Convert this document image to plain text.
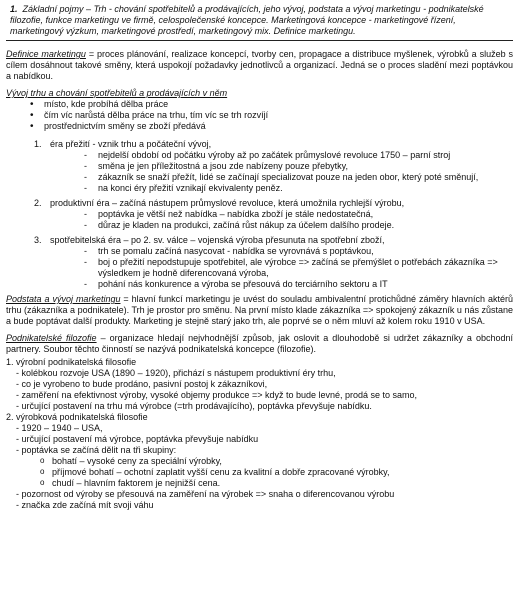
1. Základní pojmy – Trh - chování spotřebitelů a prodávajících, jeho vývoj, podstata a vývoj marketingu - podnikatelské filozofie, funkce marketingu ve firmě, celospolečenské koncepce. Marketingová koncepce - marketingové řízení, marketingový výzkum, marketingové prostředí, marketingový mix. Definice marketingu.

Definice marketingu = proces plánování, realizace koncepcí, tvorby cen, propagace a distribuce myšlenek, výrobků a služeb s cílem dosáhnout takové směny, která uspokojí požadavky jednotlivců a organizací. Jedná se o proces sladění mezi poptávkou a nabídkou.

Vývoj trhu a chování spotřebitelů a prodávajících v něm
• místo, kde probíhá dělba práce
• čím víc narůstá dělba práce na trhu, tím víc se trh rozvíjí
• prostřednictvím směny se zboží předává
1. éra přežití - vznik trhu a počáteční vývoj,
- nejdelší období od počátku výroby až po začátek průmyslové revoluce 1750 – parní stroj
- směna je jen příležitostná a jsou zde nabízeny pouze přebytky,
- zákazník se snaží přežít, lidé se začínají specializovat pouze na jeden obor, který poté směnují,
- na konci éry přežití vznikají ekvivalenty peněz.
2. produktivní éra – začíná nástupem průmyslové revoluce, která umožnila rychlejší výrobu,
- poptávka je větší než nabídka – nabídka zboží je stále nedostatečná,
- důraz je kladen na produkci, začíná růst nákup za účelem dalšího prodeje.
3. spotřebitelská éra – po 2. sv. válce – vojenská výroba přesunuta na spotřební zboží,
- trh se pomalu začíná nasycovat - nabídka se vyrovnává s poptávkou,
- boj o přežití nepodstupuje spotřebitel, ale výrobce => začíná se přemýšlet o potřebách zákazníka => výsledkem je hodně diferencovaná výroba,
- pohání nás konkurence a výroba se přesouvá do terciárního sektoru a IT

Podstata a vývoj marketingu = hlavní funkcí marketingu je uvést do souladu ambivalentní protichůdné záměry hlavních aktérů trhu (zákazníka a podnikatele). Trh je prostor pro směnu. Na první místo klade zákazníka => spokojený zákazník u nás zůstane a bude poptávat další produkty. Marketing je stejně starý jako trh, ale poprvé se o něm mluví až kolem roku 1910 v USA.

Podnikatelské filozofie – organizace hledají nejvhodnější způsob, jak oslovit a dlouhodobě si udržet zákazníky a obchodní partnery. Soubor těchto činností se nazývá podnikatelská koncepce (filozofie).

1. výrobní podnikatelská filosofie
- kolébkou rozvoje USA (1890 – 1920), přichází s nástupem produktivní éry trhu,
- co je vyrobeno to bude prodáno, pasivní postoj k zákazníkovi,
- zaměření na efektivnost výroby, vysoké objemy produkce => když to bude levné, prodá se to samo,
- určující postavení na trhu má výrobce (=trh prodávajícího), poptávka převyšuje nabídku.
2. výrobková podnikatelská filosofie
- 1920 – 1940 – USA,
- určující postavení má výrobce, poptávka převyšuje nabídku
- poptávka se začíná dělit na tři skupiny:
o bohatí – vysoké ceny za speciální výrobky,
o příjmové bohatí – ochotní zaplatit vyšší cenu za kvalitní a dobře zpracované výrobky,
o chudí – hlavním faktorem je nejnižší cena.
- pozornost od výroby se přesouvá na zaměření na výrobek => snaha o diferencovanou výrobu
- značka zde začíná mít svoji váhu
